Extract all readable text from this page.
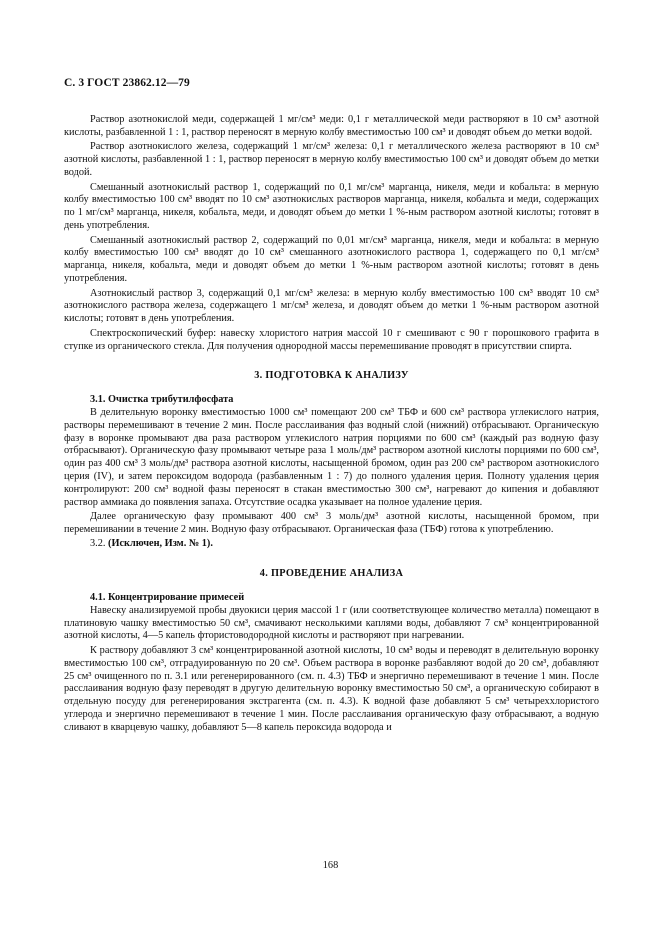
С. 3 ГОСТ 23862.12—79

Раствор азотнокислой меди, содержащей 1 мг/см³ меди: 0,1 г металлической меди растворяют в 10 см³ азотной кислоты, разбавленной 1 : 1, раствор переносят в мерную колбу вместимостью 100 см³ и доводят объем до метки водой.

Раствор азотнокислого железа, содержащий 1 мг/см³ железа: 0,1 г металлического железа растворяют в 10 см³ азотной кислоты, разбавленной 1 : 1, раствор переносят в мерную колбу вместимостью 100 см³ и доводят объем до метки водой.

Смешанный азотнокислый раствор 1, содержащий по 0,1 мг/см³ марганца, никеля, меди и кобальта: в мерную колбу вместимостью 100 см³ вводят по 10 см³ азотнокислых растворов марганца, никеля, кобальта и меди, содержащих по 1 мг/см³ марганца, никеля, кобальта, меди, и доводят объем до метки 1 %-ным раствором азотной кислоты; готовят в день употребления.

Смешанный азотнокислый раствор 2, содержащий по 0,01 мг/см³ марганца, никеля, меди и кобальта: в мерную колбу вместимостью 100 см³ вводят до 10 см³ смешанного азотнокислого раствора 1, содержащего по 0,1 мг/см³ марганца, никеля, кобальта, меди и доводят объем до метки 1 %-ным раствором азотной кислоты; готовят в день употребления.

Азотнокислый раствор 3, содержащий 0,1 мг/см³ железа: в мерную колбу вместимостью 100 см³ вводят 10 см³ азотнокислого раствора железа, содержащего 1 мг/см³ железа, и доводят объем до метки 1 %-ным раствором азотной кислоты; готовят в день употребления.

Спектроскопический буфер: навеску хлористого натрия массой 10 г смешивают с 90 г порошкового графита в ступке из органического стекла. Для получения однородной массы перемешивание проводят в присутствии спирта.

3. ПОДГОТОВКА К АНАЛИЗУ

3.1. Очистка трибутилфосфата

В делительную воронку вместимостью 1000 см³ помещают 200 см³ ТБФ и 600 см³ раствора углекислого натрия, растворы перемешивают в течение 2 мин. После расслаивания фаз водный слой (нижний) отбрасывают. Органическую фазу в воронке промывают два раза раствором углекислого натрия порциями по 600 см³ (каждый раз водную фазу отбрасывают). Органическую фазу промывают четыре раза 1 моль/дм³ раствором азотной кислоты порциями по 600 см³, один раз 400 см³ 3 моль/дм³ раствора азотной кислоты, насыщенной бромом, один раз 200 см³ раствором азотнокислого церия (IV), и затем пероксидом водорода (разбавленным 1 : 7) до полного удаления церия. Полноту удаления церия контролируют: 200 см³ водной фазы переносят в стакан вместимостью 300 см³, нагревают до кипения и добавляют раствор аммиака до появления запаха. Отсутствие осадка указывает на полное удаление церия.

Далее органическую фазу промывают 400 см³ 3 моль/дм³ азотной кислоты, насыщенной бромом, при перемешивании в течение 2 мин. Водную фазу отбрасывают. Органическая фаза (ТБФ) готова к употреблению.

3.2. (Исключен, Изм. № 1).

4. ПРОВЕДЕНИЕ АНАЛИЗА

4.1. Концентрирование примесей

Навеску анализируемой пробы двуокиси церия массой 1 г (или соответствующее количество металла) помещают в платиновую чашку вместимостью 50 см³, смачивают несколькими каплями воды, добавляют 7 см³ концентрированной азотной кислоты, 4—5 капель фтористоводородной кислоты и растворяют при нагревании.

К раствору добавляют 3 см³ концентрированной азотной кислоты, 10 см³ воды и переводят в делительную воронку вместимостью 100 см³, отградуированную по 20 см³. Объем раствора в воронке разбавляют водой до 20 см³, добавляют 25 см³ очищенного по п. 3.1 или регенерированного (см. п. 4.3) ТБФ и энергично перемешивают в течение 1 мин. После расслаивания водную фазу переводят в другую делительную воронку вместимостью 50 см³, а органическую собирают в отдельную посуду для регенерирования экстрагента (см. п. 4.3). К водной фазе добавляют 5 см³ четыреххлористого углерода и энергично перемешивают в течение 1 мин. После расслаивания органическую фазу отбрасывают, а водную сливают в кварцевую чашку, добавляют 5—8 капель пероксида водорода и

168
